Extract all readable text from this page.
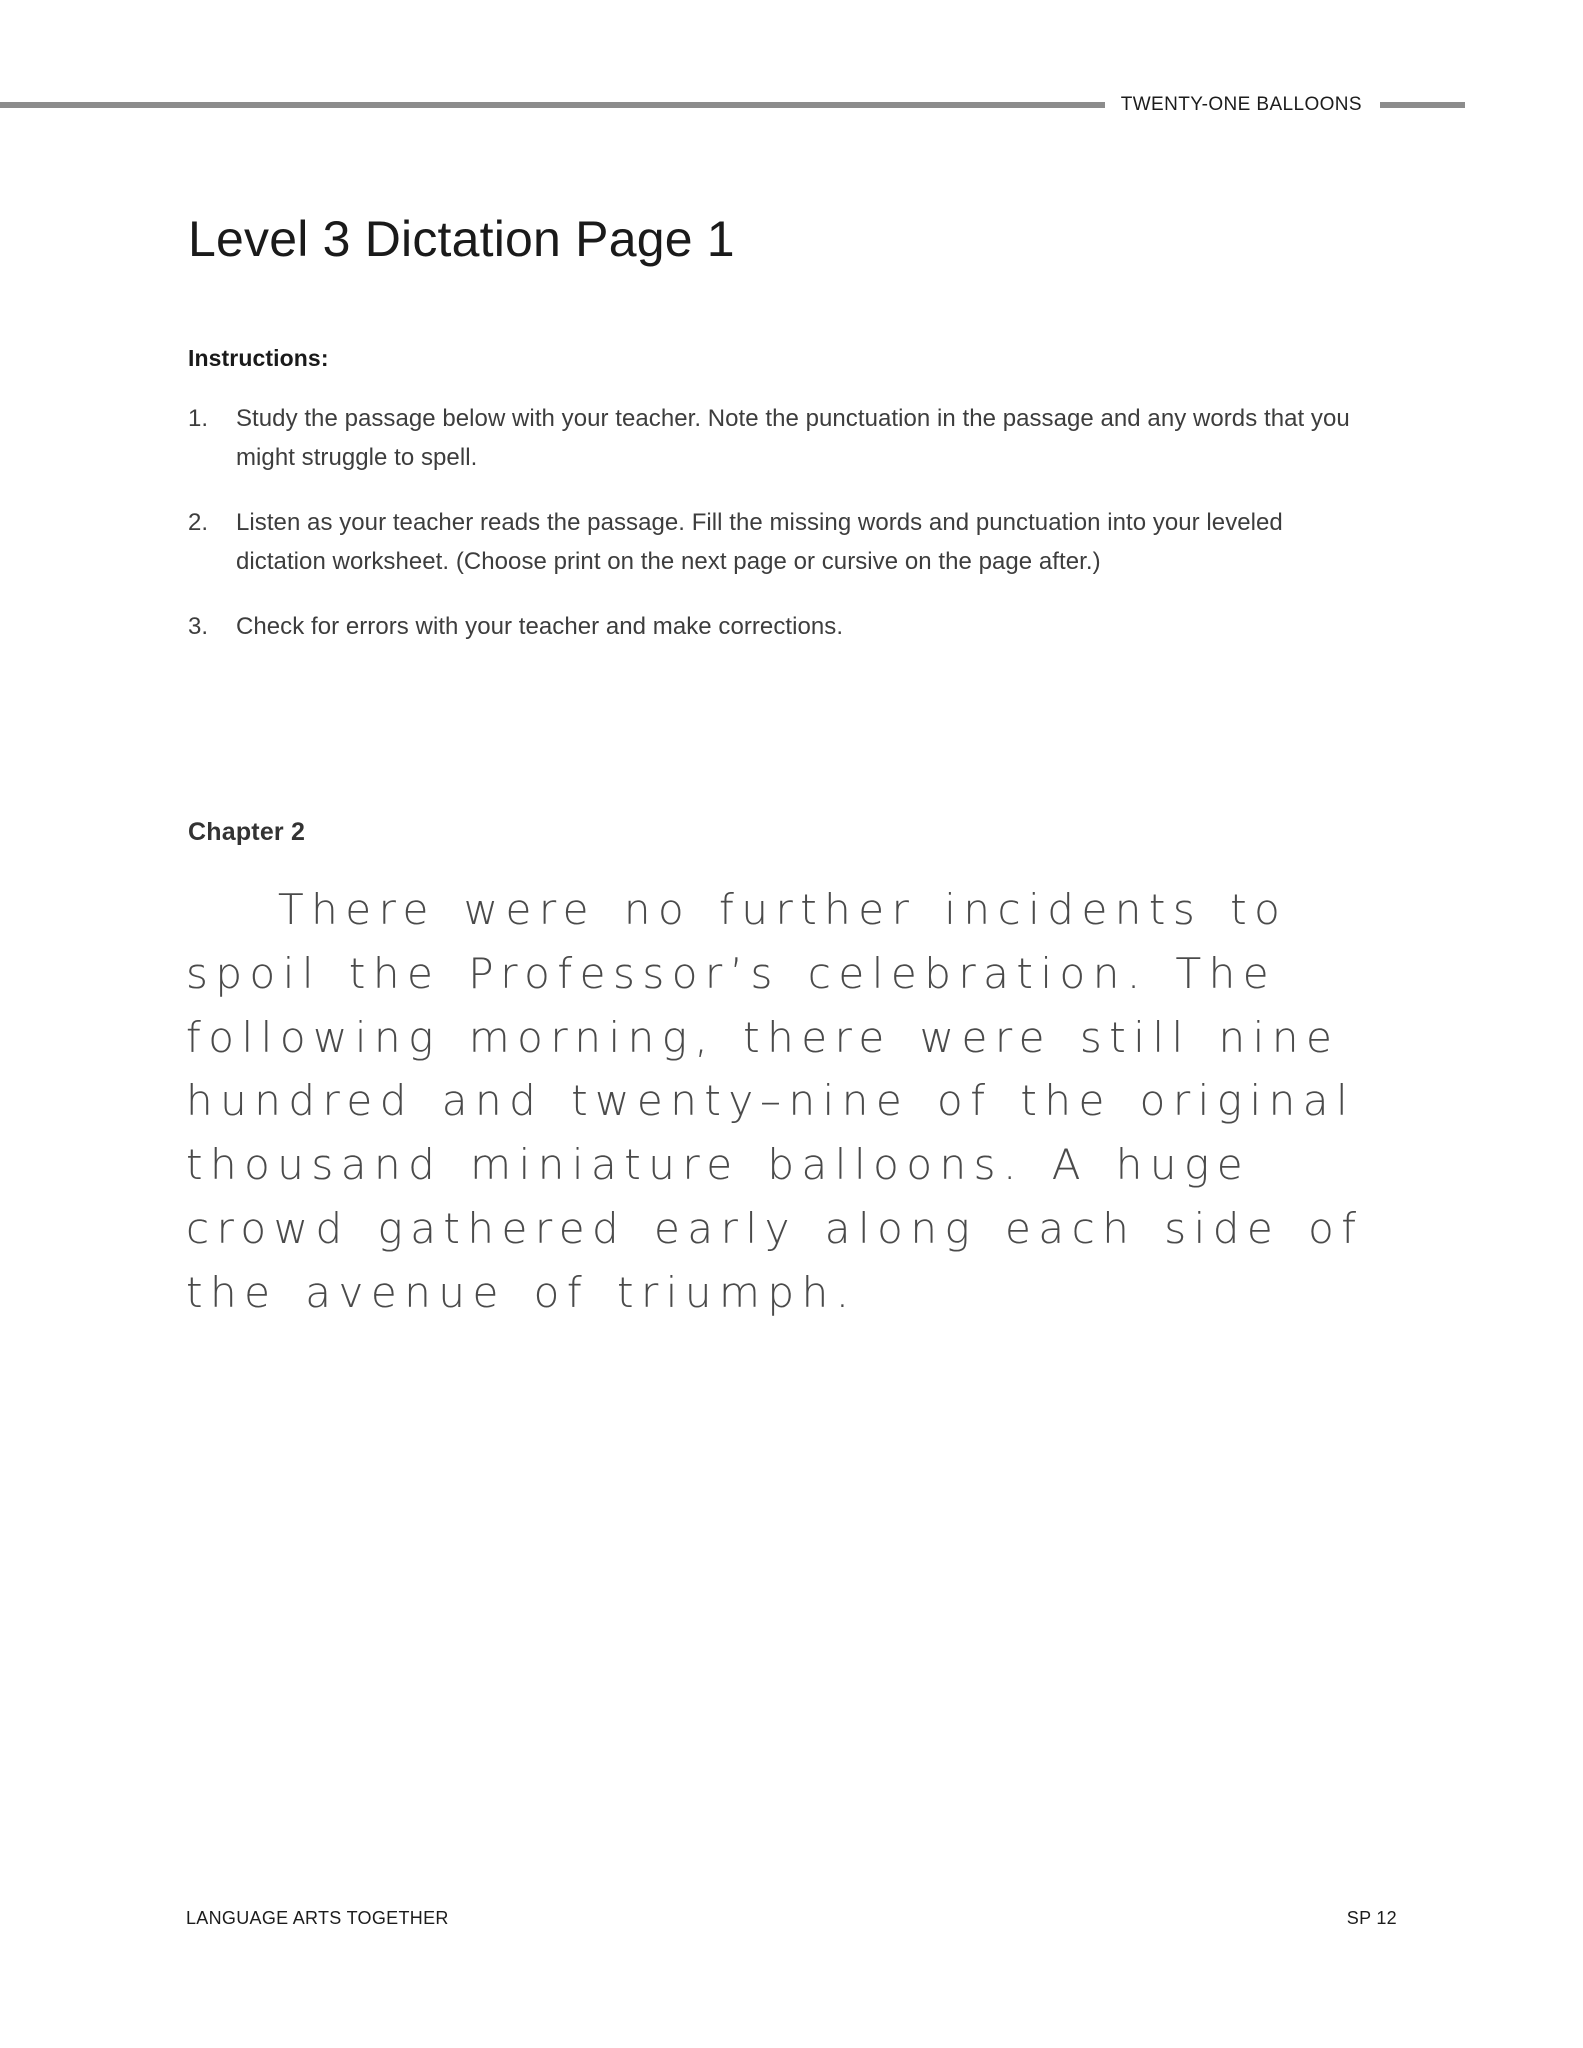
TWENTY-ONE BALLOONS
Level 3 Dictation Page 1
Instructions:
1.	Study the passage below with your teacher. Note the punctuation in the passage and any words that you might struggle to spell.
2.	Listen as your teacher reads the passage. Fill the missing words and punctuation into your leveled dictation worksheet. (Choose print on the next page or cursive on the page after.)
3.	Check for errors with your teacher and make corrections.
Chapter 2
There were no further incidents to spoil the Professor’s celebration. The following morning, there were still nine hundred and twenty–nine of the original thousand miniature balloons. A huge crowd gathered early along each side of the avenue of triumph.
LANGUAGE ARTS TOGETHER	SP 12
